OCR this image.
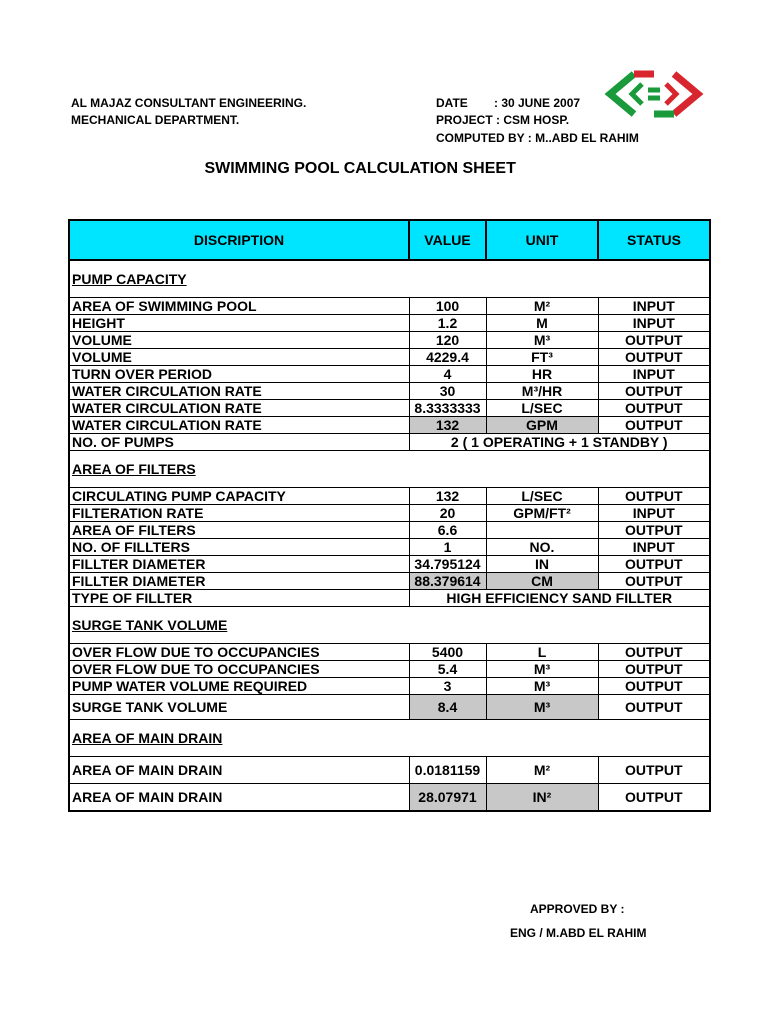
AL MAJAZ CONSULTANT ENGINEERING.
MECHANICAL DEPARTMENT.
DATE : 30 JUNE 2007
PROJECT : CSM HOSP.
COMPUTED BY : M..ABD EL RAHIM
SWIMMING POOL CALCULATION SHEET
DISCRIPTION	VALUE	UNIT	STATUS
PUMP CAPACITY			
AREA OF SWIMMING POOL	100	M²	INPUT
HEIGHT	1.2	M	INPUT
VOLUME	120	M³	OUTPUT
VOLUME	4229.4	FT³	OUTPUT
TURN OVER PERIOD	4	HR	INPUT
WATER CIRCULATION RATE	30	M³/HR	OUTPUT
WATER CIRCULATION RATE	8.3333333	L/SEC	OUTPUT
WATER CIRCULATION RATE	132	GPM	OUTPUT
NO. OF PUMPS	2 ( 1 OPERATING + 1 STANDBY )		
AREA OF FILTERS			
CIRCULATING PUMP CAPACITY	132	L/SEC	OUTPUT
FILTERATION RATE	20	GPM/FT²	INPUT
AREA OF FILTERS	6.6		OUTPUT
NO. OF FILLTERS	1	NO.	INPUT
FILLTER DIAMETER	34.795124	IN	OUTPUT
FILLTER DIAMETER	88.379614	CM	OUTPUT
TYPE OF FILLTER	HIGH EFFICIENCY SAND FILLTER		
SURGE TANK VOLUME			
OVER FLOW DUE TO OCCUPANCIES	5400	L	OUTPUT
OVER FLOW DUE TO OCCUPANCIES	5.4	M³	OUTPUT
PUMP WATER VOLUME REQUIRED	3	M³	OUTPUT
SURGE TANK VOLUME	8.4	M³	OUTPUT
AREA OF MAIN DRAIN			
AREA OF MAIN DRAIN	0.0181159	M²	OUTPUT
AREA OF MAIN DRAIN	28.07971	IN²	OUTPUT
APPROVED BY :
ENG / M.ABD EL RAHIM
